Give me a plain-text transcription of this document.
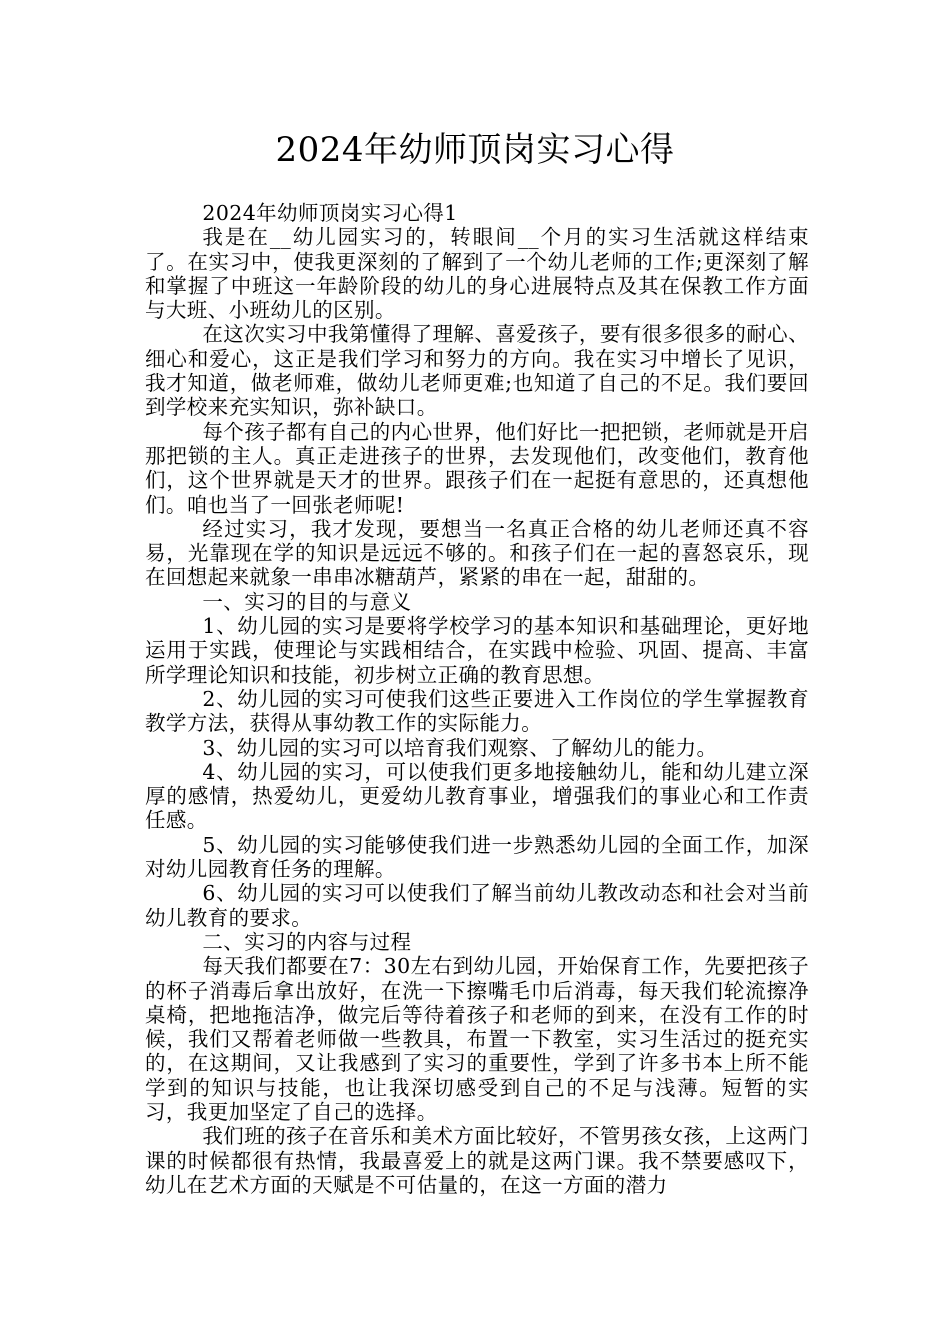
2024年幼师顶岗实习心得

2024年幼师顶岗实习心得1

我是在__幼儿园实习的，转眼间__个月的实习生活就这样结束了。在实习中，使我更深刻的了解到了一个幼儿老师的工作;更深刻了解和掌握了中班这一年龄阶段的幼儿的身心进展特点及其在保教工作方面与大班、小班幼儿的区别。

在这次实习中我第懂得了理解、喜爱孩子，要有很多很多的耐心、细心和爱心，这正是我们学习和努力的方向。我在实习中增长了见识，我才知道，做老师难，做幼儿老师更难;也知道了自己的不足。我们要回到学校来充实知识，弥补缺口。

每个孩子都有自己的内心世界，他们好比一把把锁，老师就是开启那把锁的主人。真正走进孩子的世界，去发现他们，改变他们，教育他们，这个世界就是天才的世界。跟孩子们在一起挺有意思的，还真想他们。咱也当了一回张老师呢!

经过实习，我才发现，要想当一名真正合格的幼儿老师还真不容易，光靠现在学的知识是远远不够的。和孩子们在一起的喜怒哀乐，现在回想起来就象一串串冰糖葫芦，紧紧的串在一起，甜甜的。

一、实习的目的与意义

1、幼儿园的实习是要将学校学习的基本知识和基础理论，更好地运用于实践，使理论与实践相结合，在实践中检验、巩固、提高、丰富所学理论知识和技能，初步树立正确的教育思想。

2、幼儿园的实习可使我们这些正要进入工作岗位的学生掌握教育教学方法，获得从事幼教工作的实际能力。

3、幼儿园的实习可以培育我们观察、了解幼儿的能力。

4、幼儿园的实习，可以使我们更多地接触幼儿，能和幼儿建立深厚的感情，热爱幼儿，更爱幼儿教育事业，增强我们的事业心和工作责任感。

5、幼儿园的实习能够使我们进一步熟悉幼儿园的全面工作，加深对幼儿园教育任务的理解。

6、幼儿园的实习可以使我们了解当前幼儿教改动态和社会对当前幼儿教育的要求。

二、实习的内容与过程

每天我们都要在7：30左右到幼儿园，开始保育工作，先要把孩子的杯子消毒后拿出放好，在洗一下擦嘴毛巾后消毒，每天我们轮流擦净桌椅，把地拖洁净，做完后等待着孩子和老师的到来，在没有工作的时候，我们又帮着老师做一些教具，布置一下教室，实习生活过的挺充实的，在这期间，又让我感到了实习的重要性，学到了许多书本上所不能学到的知识与技能，也让我深切感受到自己的不足与浅薄。短暂的实习，我更加坚定了自己的选择。

我们班的孩子在音乐和美术方面比较好，不管男孩女孩，上这两门课的时候都很有热情，我最喜爱上的就是这两门课。我不禁要感叹下，幼儿在艺术方面的天赋是不可估量的，在这一方面的潜力
